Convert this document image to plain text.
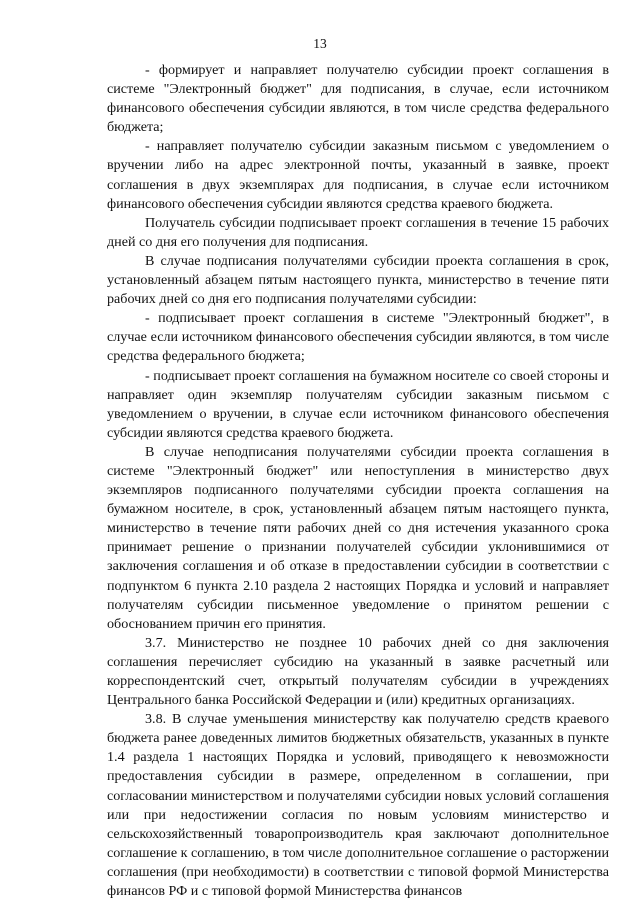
13

- формирует и направляет получателю субсидии проект соглашения в системе "Электронный бюджет" для подписания, в случае, если источником финансового обеспечения субсидии являются, в том числе средства федерального бюджета;

- направляет получателю субсидии заказным письмом с уведомлением о вручении либо на адрес электронной почты, указанный в заявке, проект соглашения в двух экземплярах для подписания, в случае если источником финансового обеспечения субсидии являются средства краевого бюджета.

Получатель субсидии подписывает проект соглашения в течение 15 рабочих дней со дня его получения для подписания.

В случае подписания получателями субсидии проекта соглашения в срок, установленный абзацем пятым настоящего пункта, министерство в течение пяти рабочих дней со дня его подписания получателями субсидии:

- подписывает проект соглашения в системе "Электронный бюджет", в случае если источником финансового обеспечения субсидии являются, в том числе средства федерального бюджета;

- подписывает проект соглашения на бумажном носителе со своей стороны и направляет один экземпляр получателям субсидии заказным письмом с уведомлением о вручении, в случае если источником финансового обеспечения субсидии являются средства краевого бюджета.

В случае неподписания получателями субсидии проекта соглашения в системе "Электронный бюджет" или непоступления в министерство двух экземпляров подписанного получателями субсидии проекта соглашения на бумажном носителе, в срок, установленный абзацем пятым настоящего пункта, министерство в течение пяти рабочих дней со дня истечения указанного срока принимает решение о признании получателей субсидии уклонившимися от заключения соглашения и об отказе в предоставлении субсидии в соответствии с подпунктом 6 пункта 2.10 раздела 2 настоящих Порядка и условий и направляет получателям субсидии письменное уведомление о принятом решении с обоснованием причин его принятия.

3.7. Министерство не позднее 10 рабочих дней со дня заключения соглашения перечисляет субсидию на указанный в заявке расчетный или корреспондентский счет, открытый получателям субсидии в учреждениях Центрального банка Российской Федерации и (или) кредитных организациях.

3.8. В случае уменьшения министерству как получателю средств краевого бюджета ранее доведенных лимитов бюджетных обязательств, указанных в пункте 1.4 раздела 1 настоящих Порядка и условий, приводящего к невозможности предоставления субсидии в размере, определенном в соглашении, при согласовании министерством и получателями субсидии новых условий соглашения или при недостижении согласия по новым условиям министерство и сельскохозяйственный товаропроизводитель края заключают дополнительное соглашение к соглашению, в том числе дополнительное соглашение о расторжении соглашения (при необходимости) в соответствии с типовой формой Министерства финансов РФ и с типовой формой Министерства финансов
